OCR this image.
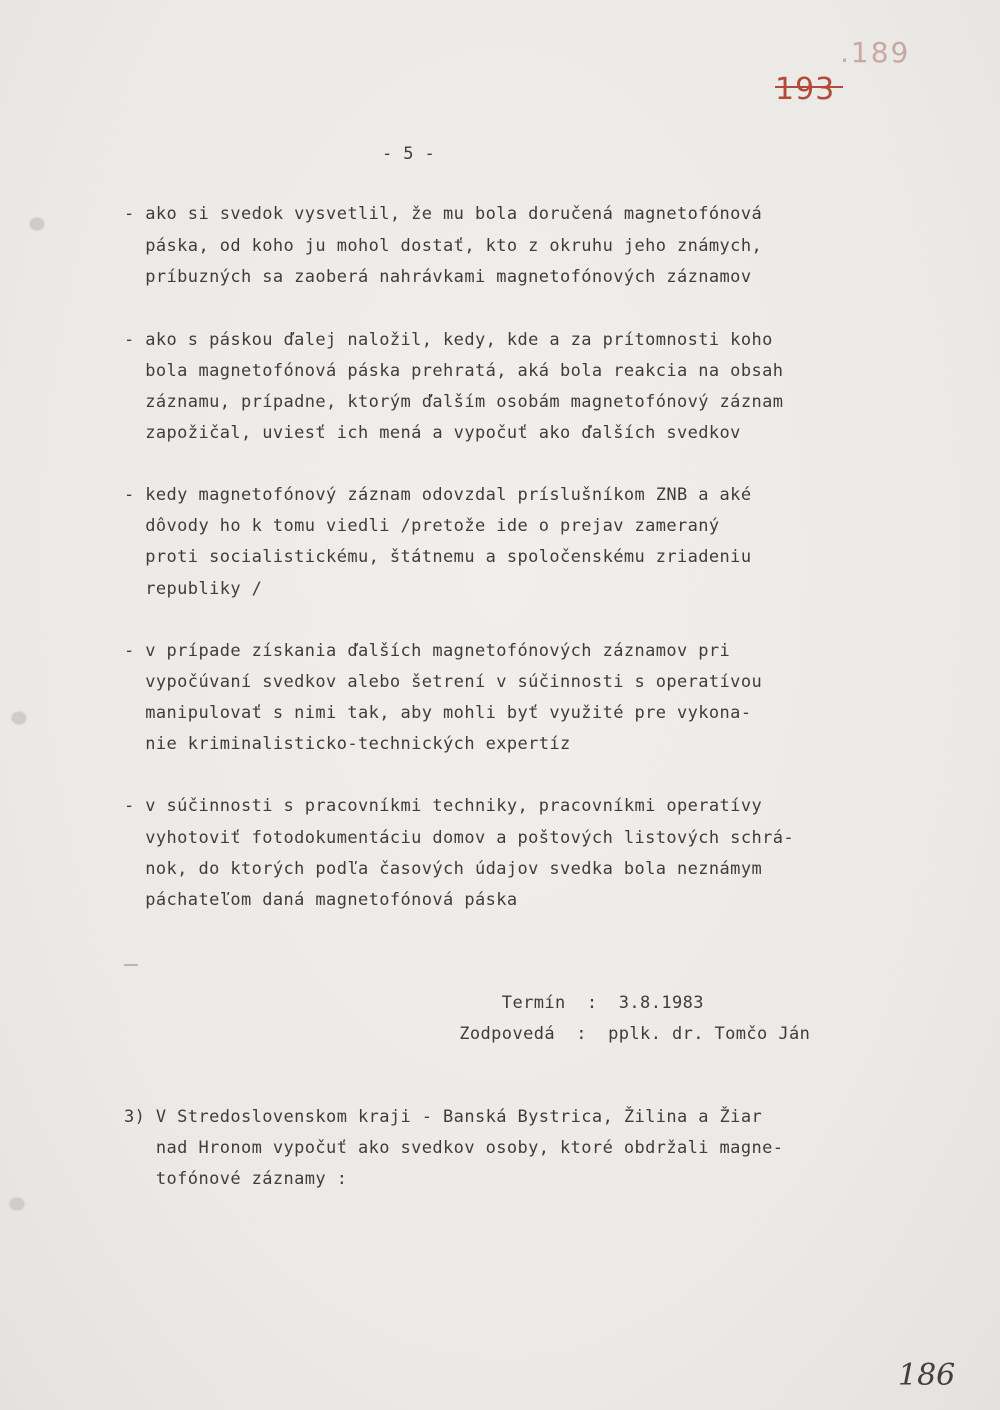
.189
193
- 5 -
- ako si svedok vysvetlil, že mu bola doručená magnetofónová
páska, od koho ju mohol dostať, kto z okruhu jeho známych,
príbuzných sa zaoberá nahrávkami magnetofónových záznamov
- ako s páskou ďalej naložil, kedy, kde a za prítomnosti koho
bola magnetofónová páska prehratá, aká bola reakcia na obsah
záznamu, prípadne, ktorým ďalším osobám magnetofónový záznam
zapožičal, uviesť ich mená a vypočuť ako ďalších svedkov
- kedy magnetofónový záznam odovzdal príslušníkom ZNB a aké
dôvody ho k tomu viedli /pretože ide o prejav zameraný
proti socialistickému, štátnemu a spoločenskému zriadeniu
republiky /
- v prípade získania ďalších magnetofónových záznamov pri
vypočúvaní svedkov alebo šetrení v súčinnosti s operatívou
manipulovať s nimi tak, aby mohli byť využité pre vykona-
nie kriminalisticko-technických expertíz
- v súčinnosti s pracovníkmi techniky, pracovníkmi operatívy
vyhotoviť fotodokumentáciu domov a poštových listových schrá-
nok, do ktorých podľa časových údajov svedka bola neznámym
páchateľom daná magnetofónová páska
Termín  :  3.8.1983
Zodpovedá  :  pplk. dr. Tomčo Ján
3) V Stredoslovenskom kraji - Banská Bystrica, Žilina a Žiar
nad Hronom vypočuť ako svedkov osoby, ktoré obdržali magne-
tofónové záznamy :
186
